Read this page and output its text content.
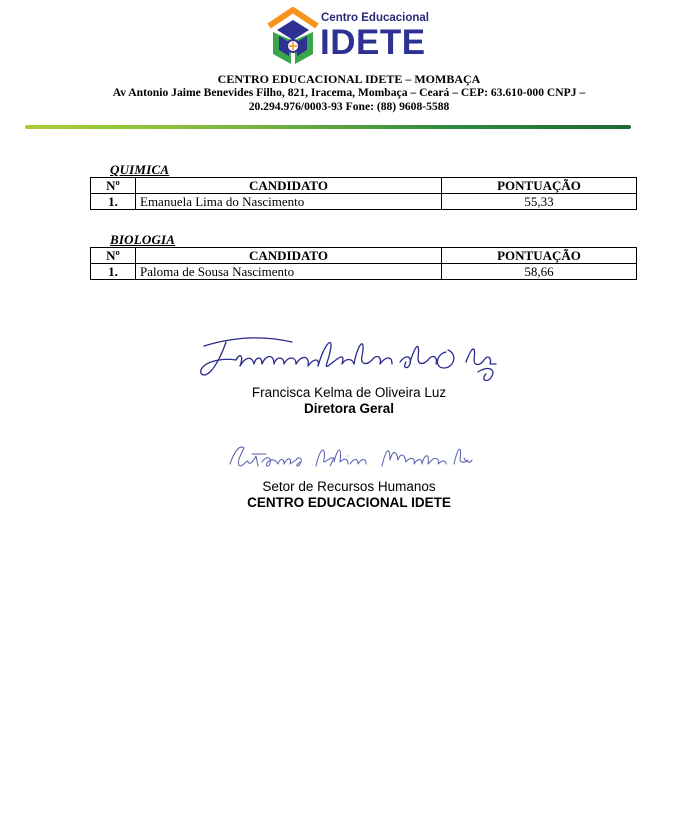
Centro Educacional
IDETE
CENTRO EDUCACIONAL IDETE – MOMBAÇA
Av Antonio Jaime Benevides Filho, 821, Iracema, Mombaça – Ceará – CEP: 63.610-000 CNPJ –
20.294.976/0003-93 Fone: (88) 9608-5588
QUIMICA
Nº	CANDIDATO	PONTUAÇÃO
1.	Emanuela Lima do Nascimento	55,33
BIOLOGIA
Nº	CANDIDATO	PONTUAÇÃO
1.	Paloma de Sousa Nascimento	58,66
Francisca Kelma de Oliveira Luz
Diretora Geral
Setor de Recursos Humanos
CENTRO EDUCACIONAL IDETE
